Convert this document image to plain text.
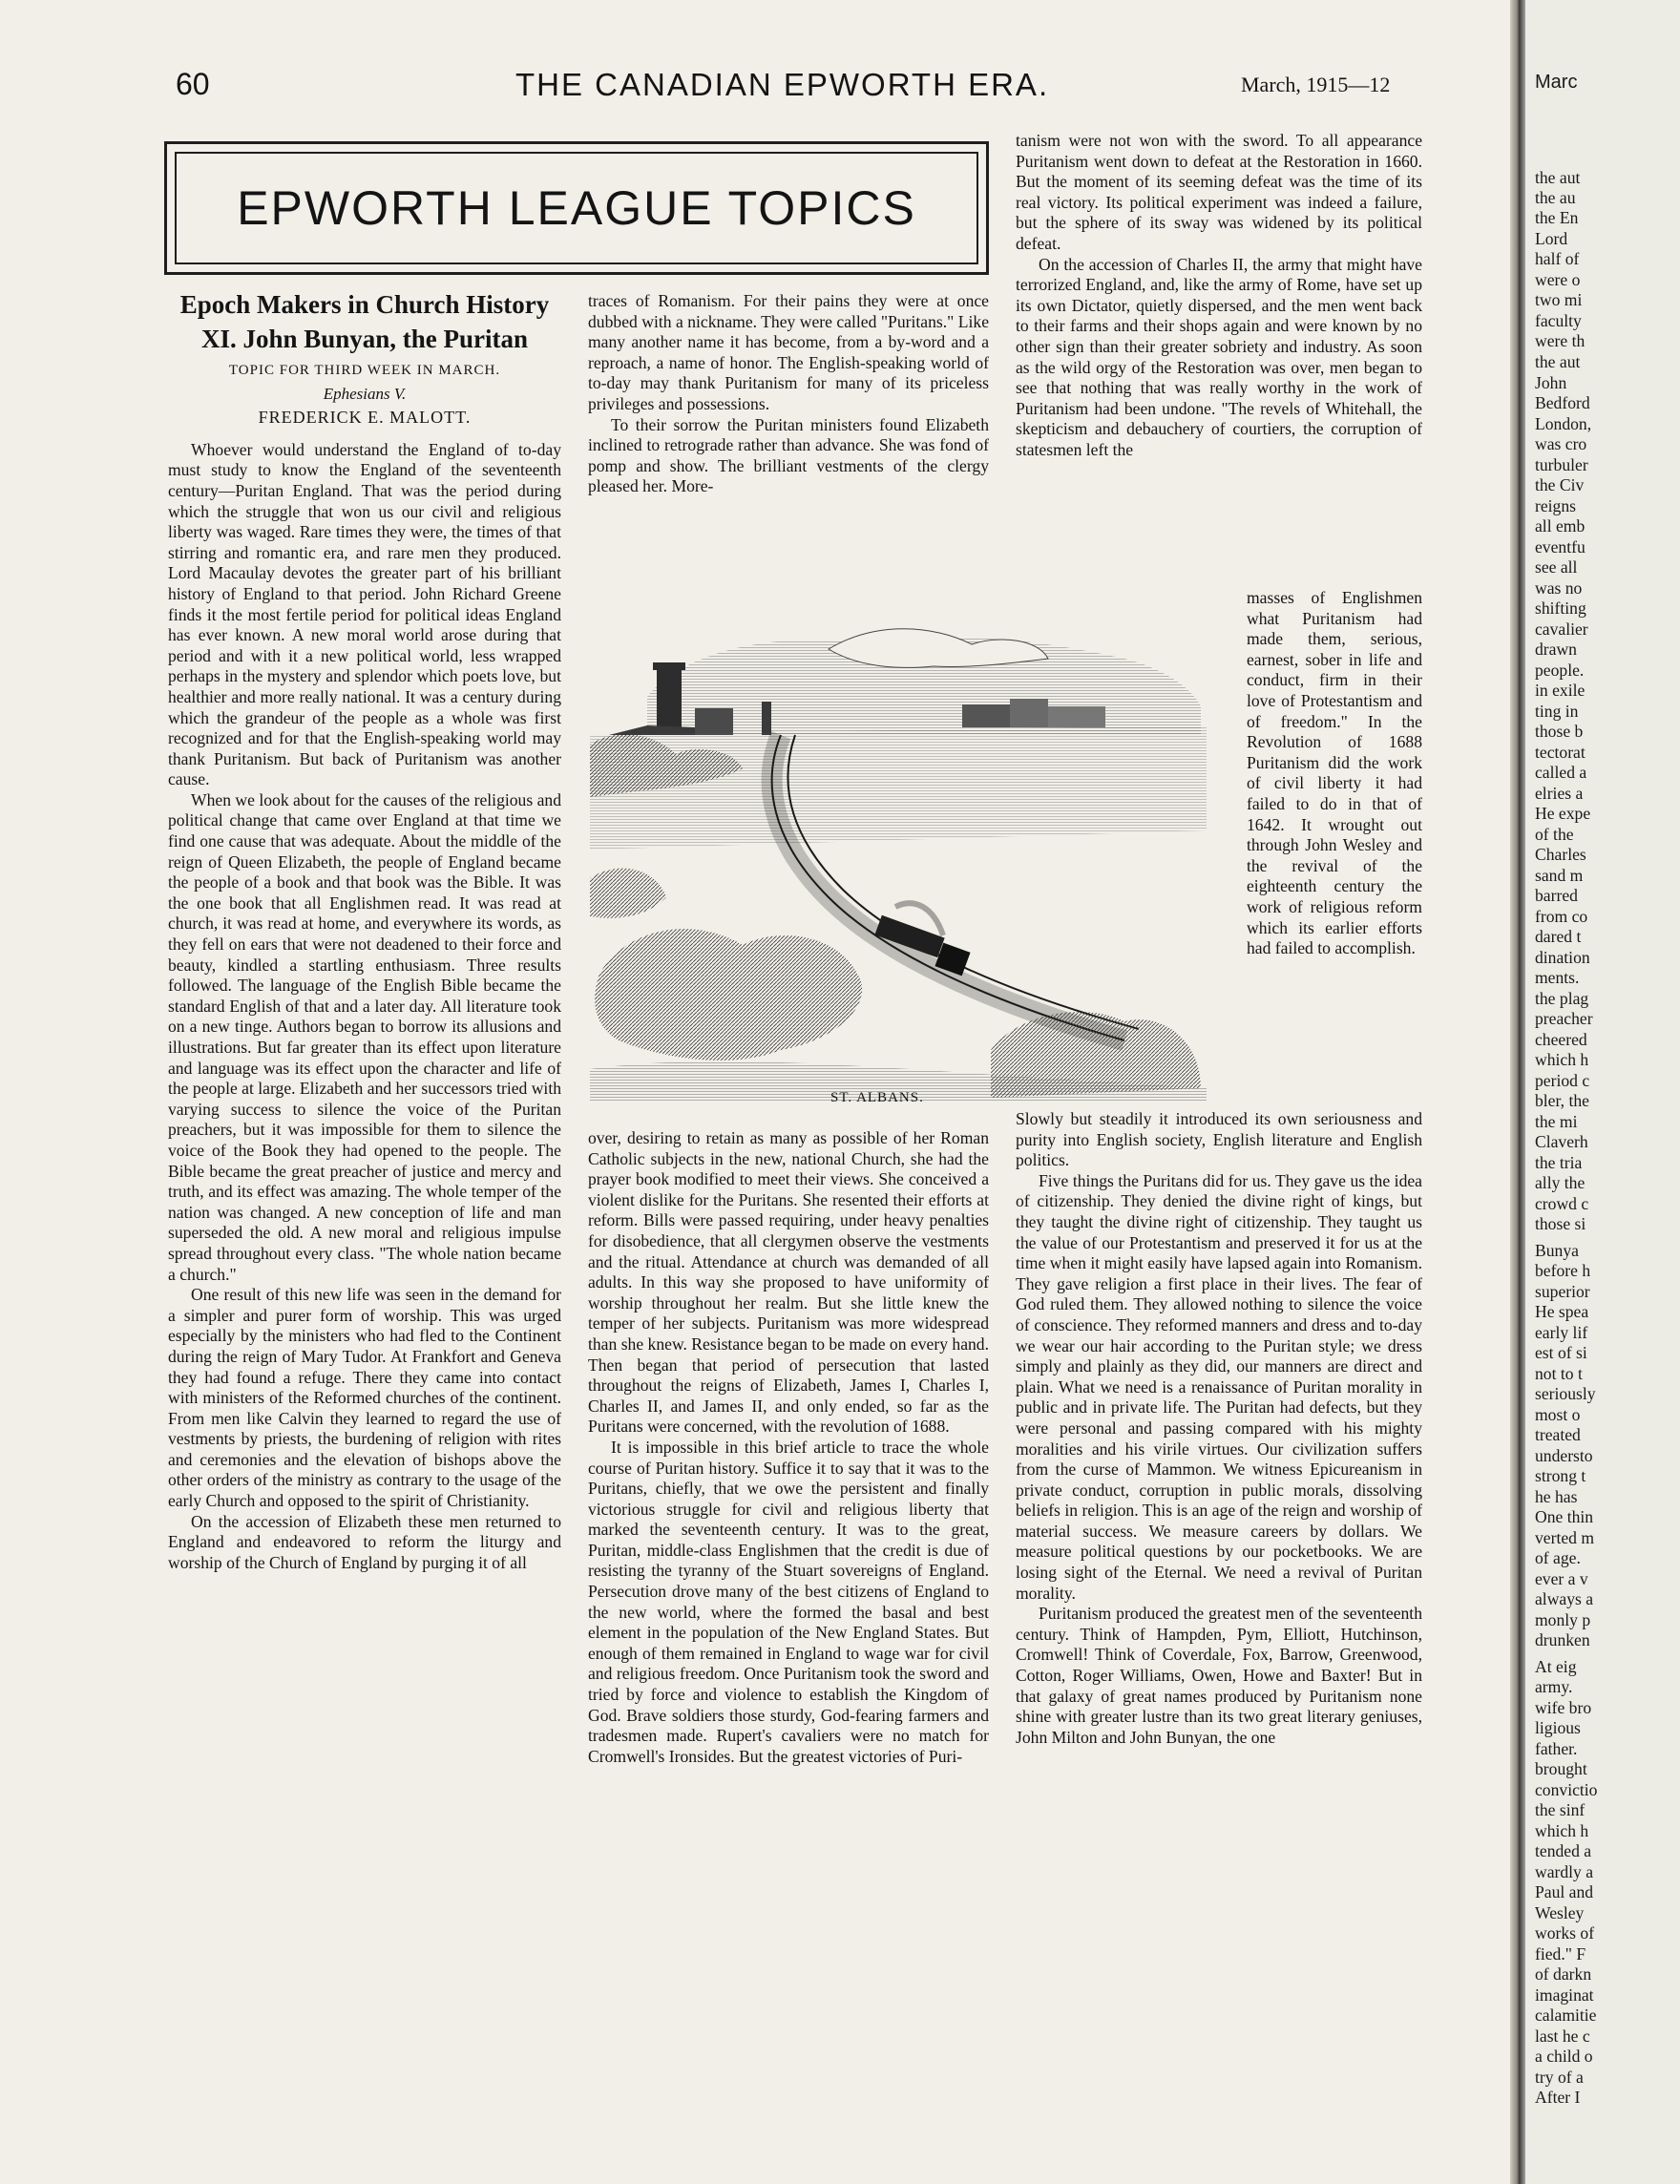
60	THE CANADIAN EPWORTH ERA.	March, 1915—12
EPWORTH LEAGUE TOPICS
Epoch Makers in Church History
XI. John Bunyan, the Puritan
TOPIC FOR THIRD WEEK IN MARCH.
Ephesians V.
FREDERICK E. MALOTT.

Whoever would understand the England of to-day must study to know the England of the seventeenth century—Puritan England. That was the period during which the struggle that won us our civil and religious liberty was waged. Rare times they were, the times of that stirring and romantic era, and rare men they produced. Lord Macaulay devotes the greater part of his brilliant history of England to that period. John Richard Greene finds it the most fertile period for political ideas England has ever known. A new moral world arose during that period and with it a new political world, less wrapped perhaps in the mystery and splendor which poets love, but healthier and more really national. It was a century during which the grandeur of the people as a whole was first recognized and for that the English-speaking world may thank Puritanism. But back of Puritanism was another cause.

When we look about for the causes of the religious and political change that came over England at that time we find one cause that was adequate. About the middle of the reign of Queen Elizabeth, the people of England became the people of a book and that book was the Bible. It was the one book that all Englishmen read. It was read at church, it was read at home, and everywhere its words, as they fell on ears that were not deadened to their force and beauty, kindled a startling enthusiasm. Three results followed. The language of the English Bible became the standard English of that and a later day. All literature took on a new tinge. Authors began to borrow its allusions and illustrations. But far greater than its effect upon literature and language was its effect upon the character and life of the people at large. Elizabeth and her successors tried with varying success to silence the voice of the Puritan preachers, but it was impossible for them to silence the voice of the Book they had opened to the people. The Bible became the great preacher of justice and mercy and truth, and its effect was amazing. The whole temper of the nation was changed. A new conception of life and man superseded the old. A new moral and religious impulse spread throughout every class. "The whole nation became a church."

One result of this new life was seen in the demand for a simpler and purer form of worship. This was urged especially by the ministers who had fled to the Continent during the reign of Mary Tudor. At Frankfort and Geneva they had found a refuge. There they came into contact with ministers of the Reformed churches of the continent. From men like Calvin they learned to regard the use of vestments by priests, the burdening of religion with rites and ceremonies and the elevation of bishops above the other orders of the ministry as contrary to the usage of the early Church and opposed to the spirit of Christianity.

On the accession of Elizabeth these men returned to England and endeavored to reform the liturgy and worship of the Church of England by purging it of all

traces of Romanism. For their pains they were at once dubbed with a nickname. They were called "Puritans." Like many another name it has become, from a by-word and a reproach, a name of honor. The English-speaking world of to-day may thank Puritanism for many of its priceless privileges and possessions.

To their sorrow the Puritan ministers found Elizabeth inclined to retrograde rather than advance. She was fond of pomp and show. The brilliant vestments of the clergy pleased her. More-

ST. ALBANS.

over, desiring to retain as many as possible of her Roman Catholic subjects in the new, national Church, she had the prayer book modified to meet their views. She conceived a violent dislike for the Puritans. She resented their efforts at reform. Bills were passed requiring, under heavy penalties for disobedience, that all clergymen observe the vestments and the ritual. Attendance at church was demanded of all adults. In this way she proposed to have uniformity of worship throughout her realm. But she little knew the temper of her subjects. Puritanism was more widespread than she knew. Resistance began to be made on every hand. Then began that period of persecution that lasted throughout the reigns of Elizabeth, James I, Charles I, Charles II, and James II, and only ended, so far as the Puritans were concerned, with the revolution of 1688.

It is impossible in this brief article to trace the whole course of Puritan history. Suffice it to say that it was to the Puritans, chiefly, that we owe the persistent and finally victorious struggle for civil and religious liberty that marked the seventeenth century. It was to the great, Puritan, middle-class Englishmen that the credit is due of resisting the tyranny of the Stuart sovereigns of England. Persecution drove many of the best citizens of England to the new world, where the formed the basal and best element in the population of the New England States. But enough of them remained in England to wage war for civil and religious freedom. Once Puritanism took the sword and tried by force and violence to establish the Kingdom of God. Brave soldiers those sturdy, God-fearing farmers and tradesmen made. Rupert's cavaliers were no match for Cromwell's Ironsides. But the greatest victories of Puri-

tanism were not won with the sword. To all appearance Puritanism went down to defeat at the Restoration in 1660. But the moment of its seeming defeat was the time of its real victory. Its political experiment was indeed a failure, but the sphere of its sway was widened by its political defeat.

On the accession of Charles II, the army that might have terrorized England, and, like the army of Rome, have set up its own Dictator, quietly dispersed, and the men went back to their farms and their shops again and were known by no other sign than their greater sobriety and industry. As soon as the wild orgy of the Restoration was over, men began to see that nothing that was really worthy in the work of Puritanism had been undone. "The revels of Whitehall, the skepticism and debauchery of courtiers, the corruption of statesmen left the

masses of Englishmen what Puritanism had made them, serious, earnest, sober in life and conduct, firm in their love of Protestantism and of freedom." In the Revolution of 1688 Puritanism did the work of civil liberty it had failed to do in that of 1642. It wrought out through John Wesley and the revival of the eighteenth century the work of religious reform which its earlier efforts had failed to accomplish.

Slowly but steadily it introduced its own seriousness and purity into English society, English literature and English politics.

Five things the Puritans did for us. They gave us the idea of citizenship. They denied the divine right of kings, but they taught the divine right of citizenship. They taught us the value of our Protestantism and preserved it for us at the time when it might easily have lapsed again into Romanism. They gave religion a first place in their lives. The fear of God ruled them. They allowed nothing to silence the voice of conscience. They reformed manners and dress and to-day we wear our hair according to the Puritan style; we dress simply and plainly as they did, our manners are direct and plain. What we need is a renaissance of Puritan morality in public and in private life. The Puritan had defects, but they were personal and passing compared with his mighty moralities and his virile virtues. Our civilization suffers from the curse of Mammon. We witness Epicureanism in private conduct, corruption in public morals, dissolving beliefs in religion. This is an age of the reign and worship of material success. We measure careers by dollars. We measure political questions by our pocketbooks. We are losing sight of the Eternal. We need a revival of Puritan morality.

Puritanism produced the greatest men of the seventeenth century. Think of Hampden, Pym, Elliott, Hutchinson, Cromwell! Think of Coverdale, Fox, Barrow, Greenwood, Cotton, Roger Williams, Owen, Howe and Baxter! But in that galaxy of great names produced by Puritanism none shine with greater lustre than its two great literary geniuses, John Milton and John Bunyan, the one

Marc
the aut
the au
the En
Lord
half of
were o
two mi
faculty
were th
the aut
John
Bedford
London,
was cro
turbuler
the Civ
reigns
all emb
eventfu
see all
was no
shifting
cavalier
drawn
people.
in exile
ting in
those b
tectorat
called a
elries a
He expe
of the
Charles
sand m
barred
from co
dared t
dination
ments.
the plag
preacher
cheered
which h
period c
bler, the
the mi
Claverh
the tria
ally the
crowd c
those si
Bunya
before h
superior
He spea
early lif
est of si
not to t
seriously
most o
treated
understo
strong t
he has
One thin
verted m
of age.
ever a v
always a
monly p
drunken
At eig
army.
wife bro
ligious
father.
brought
convictio
the sinf
which h
tended a
wardly a
Paul and
Wesley
works of
fied." F
of darkn
imaginat
calamitie
last he c
a child o
try of a
After I
